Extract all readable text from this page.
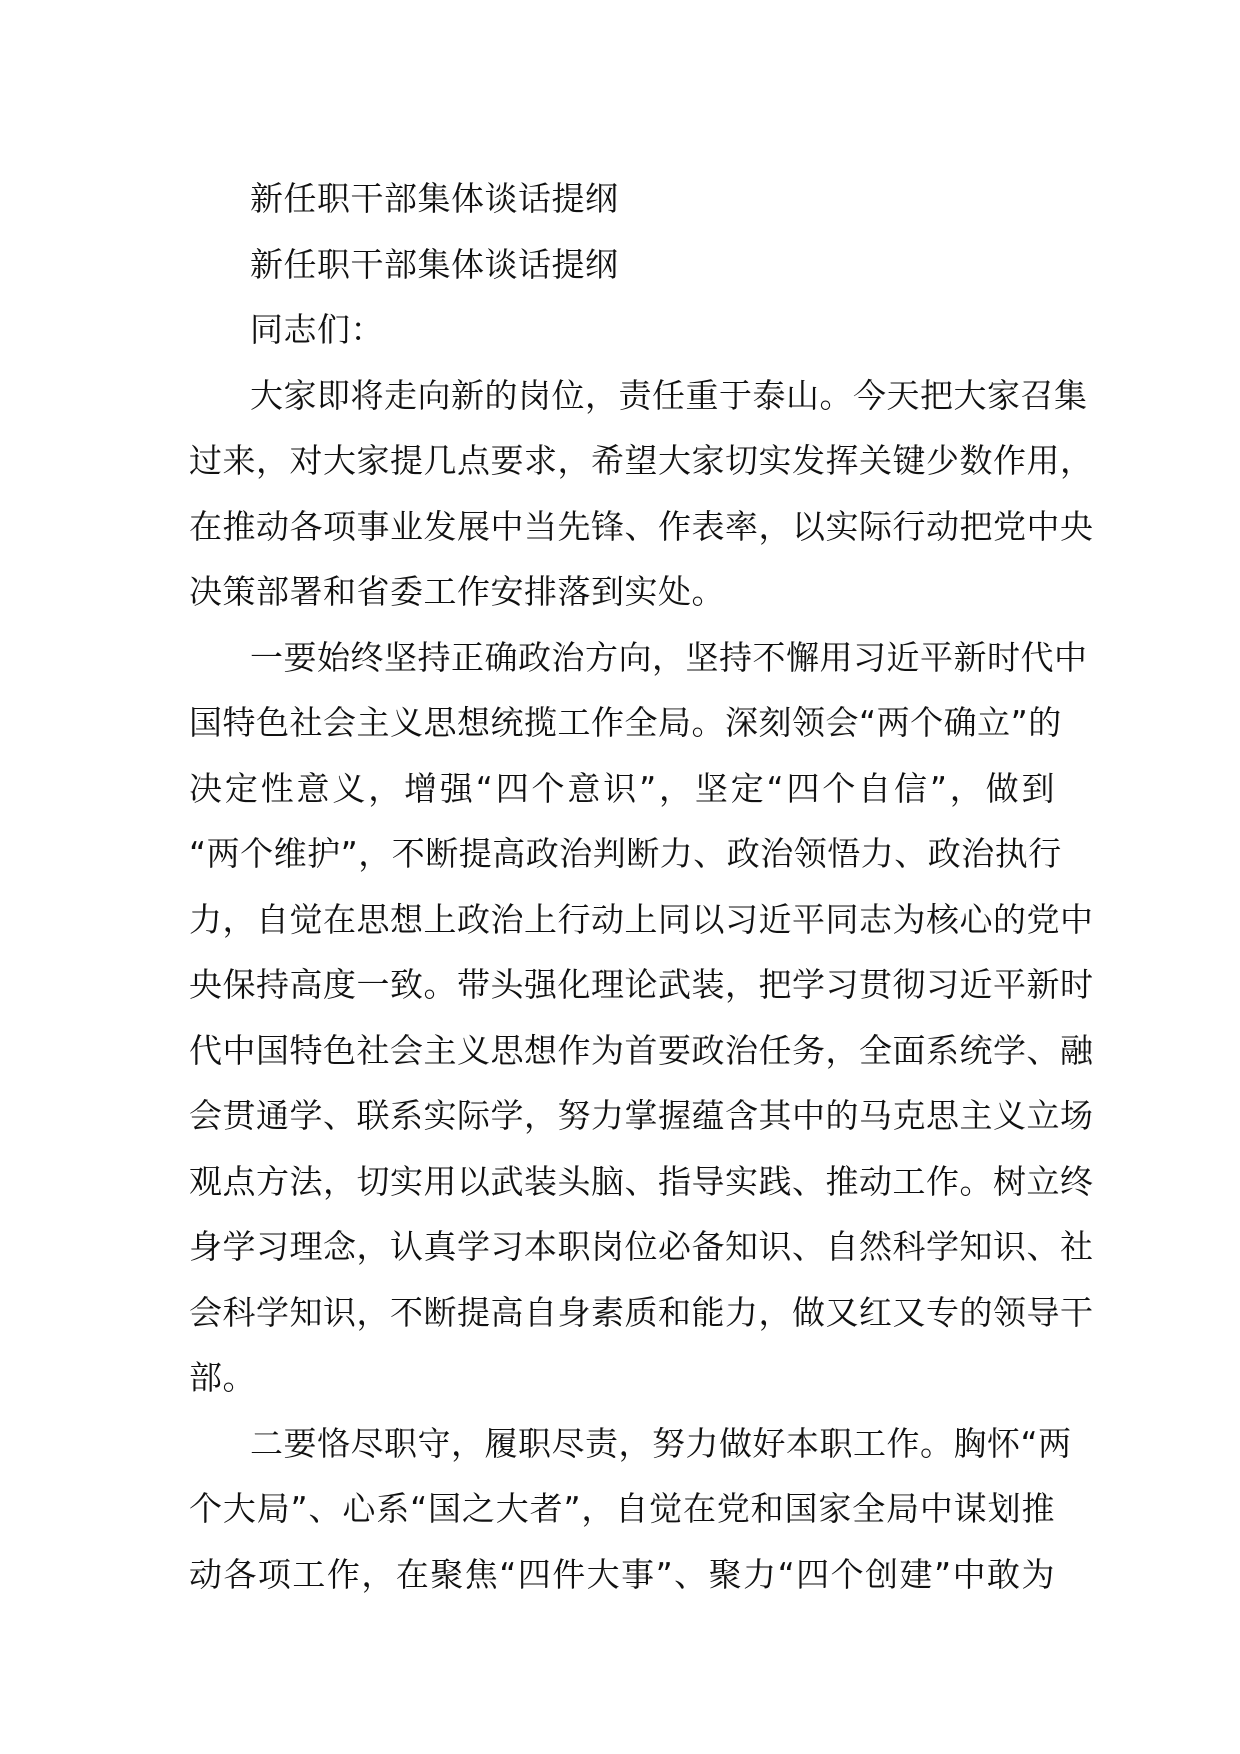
新任职干部集体谈话提纲
新任职干部集体谈话提纲
同志们：
大家即将走向新的岗位，责任重于泰山。今天把大家召集
过来，对大家提几点要求，希望大家切实发挥关键少数作用，
在推动各项事业发展中当先锋、作表率，以实际行动把党中央
决策部署和省委工作安排落到实处。
一要始终坚持正确政治方向，坚持不懈用习近平新时代中
国特色社会主义思想统揽工作全局。深刻领会“两个确立”的
决定性意义，增强“四个意识”，坚定“四个自信”，做到
“两个维护”，不断提高政治判断力、政治领悟力、政治执行
力，自觉在思想上政治上行动上同以习近平同志为核心的党中
央保持高度一致。带头强化理论武装，把学习贯彻习近平新时
代中国特色社会主义思想作为首要政治任务，全面系统学、融
会贯通学、联系实际学，努力掌握蕴含其中的马克思主义立场
观点方法，切实用以武装头脑、指导实践、推动工作。树立终
身学习理念，认真学习本职岗位必备知识、自然科学知识、社
会科学知识，不断提高自身素质和能力，做又红又专的领导干
部。
二要恪尽职守，履职尽责，努力做好本职工作。胸怀“两
个大局”、心系“国之大者”，自觉在党和国家全局中谋划推
动各项工作，在聚焦“四件大事”、聚力“四个创建”中敢为
